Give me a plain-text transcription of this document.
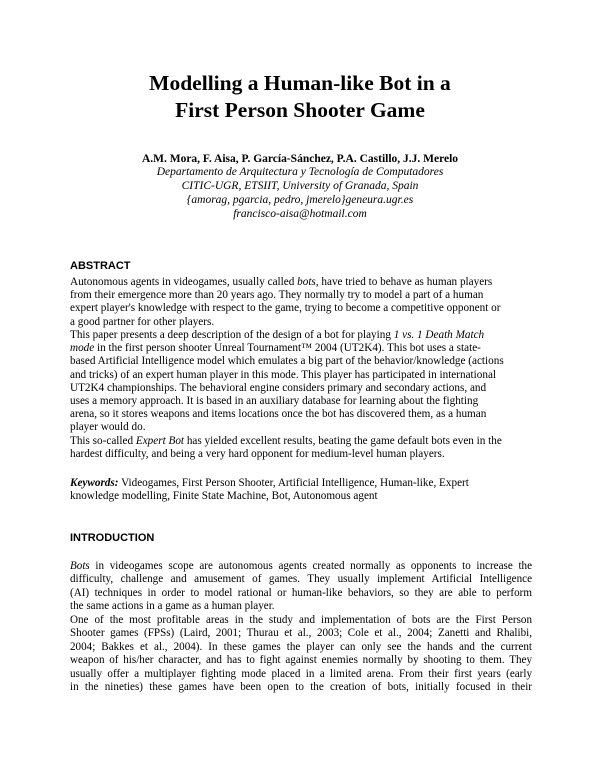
Modelling a Human-like Bot in a
First Person Shooter Game
A.M. Mora, F. Aisa, P. García-Sánchez, P.A. Castillo, J.J. Merelo
Departamento de Arquitectura y Tecnología de Computadores
CITIC-UGR, ETSIIT, University of Granada, Spain
{amorag, pgarcia, pedro, jmerelo}geneura.ugr.es
francisco-aisa@hotmail.com
ABSTRACT
Autonomous agents in videogames, usually called bots, have tried to behave as human players
from their emergence more than 20 years ago. They normally try to model a part of a human
expert player's knowledge with respect to the game, trying to become a competitive opponent or
a good partner for other players.
This paper presents a deep description of the design of a bot for playing 1 vs. 1 Death Match
mode in the first person shooter Unreal Tournament™ 2004 (UT2K4). This bot uses a state-
based Artificial Intelligence model which emulates a big part of the behavior/knowledge (actions
and tricks) of an expert human player in this mode. This player has participated in international
UT2K4 championships. The behavioral engine considers primary and secondary actions, and
uses a memory approach. It is based in an auxiliary database for learning about the fighting
arena, so it stores weapons and items locations once the bot has discovered them, as a human
player would do.
This so-called Expert Bot has yielded excellent results, beating the game default bots even in the
hardest difficulty, and being a very hard opponent for medium-level human players.
Keywords: Videogames, First Person Shooter, Artificial Intelligence, Human-like, Expert
knowledge modelling, Finite State Machine, Bot, Autonomous agent
INTRODUCTION
Bots in videogames scope are autonomous agents created normally as opponents to increase the
difficulty, challenge and amusement of games. They usually implement Artificial Intelligence
(AI) techniques in order to model rational or human-like behaviors, so they are able to perform
the same actions in a game as a human player.
One of the most profitable areas in the study and implementation of bots are the First Person
Shooter games (FPSs) (Laird, 2001; Thurau et al., 2003; Cole et al., 2004; Zanetti and Rhalibi,
2004; Bakkes et al., 2004). In these games the player can only see the hands and the current
weapon of his/her character, and has to fight against enemies normally by shooting to them. They
usually offer a multiplayer fighting mode placed in a limited arena. From their first years (early
in the nineties) these games have been open to the creation of bots, initially focused in their
